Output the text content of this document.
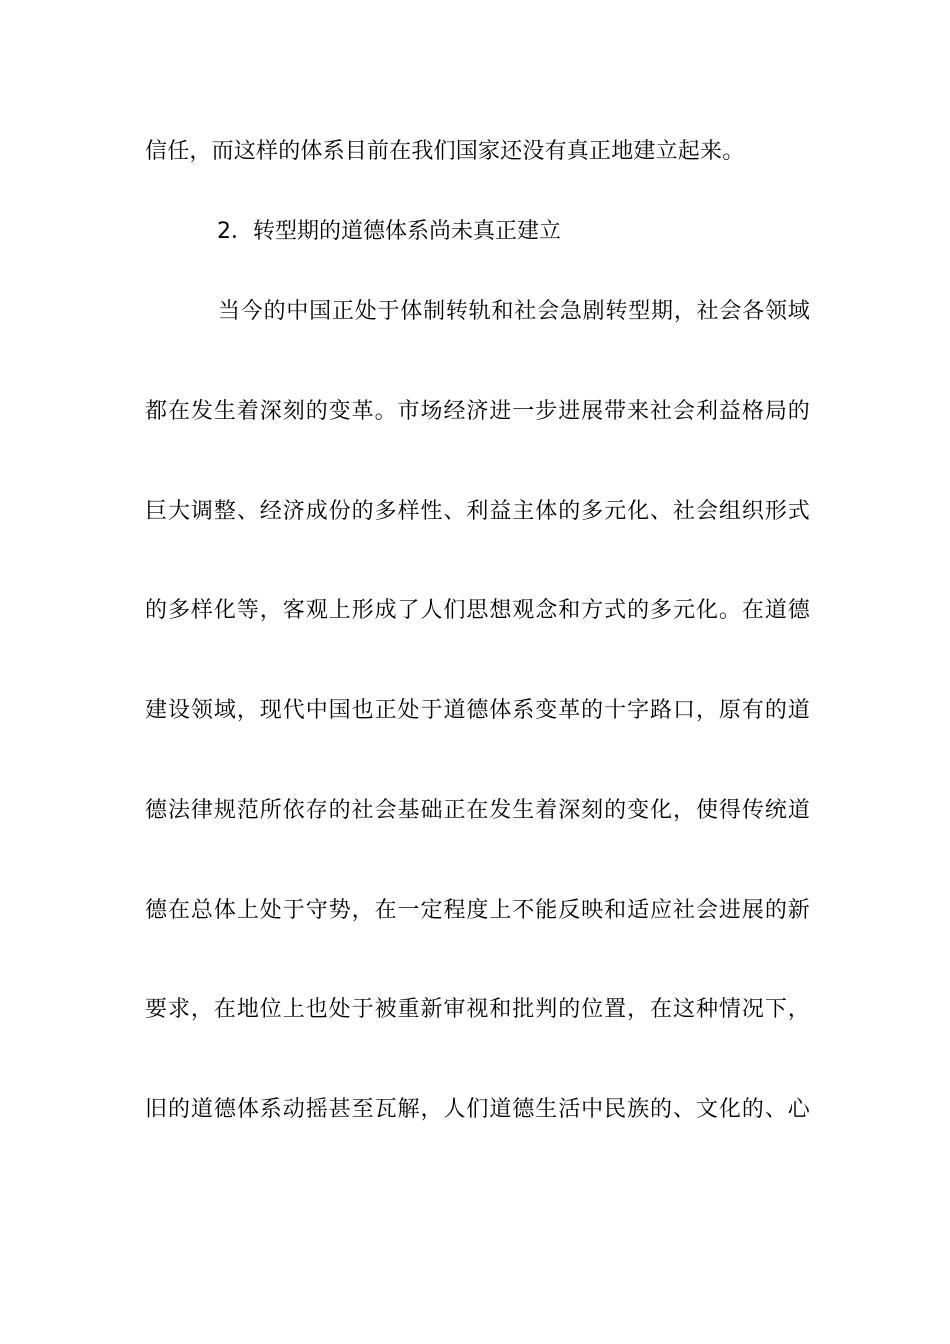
信任，而这样的体系目前在我们国家还没有真正地建立起来。
2．转型期的道德体系尚未真正建立
当今的中国正处于体制转轨和社会急剧转型期，社会各领域
都在发生着深刻的变革。市场经济进一步进展带来社会利益格局的
巨大调整、经济成份的多样性、利益主体的多元化、社会组织形式
的多样化等，客观上形成了人们思想观念和方式的多元化。在道德
建设领域，现代中国也正处于道德体系变革的十字路口，原有的道
德法律规范所依存的社会基础正在发生着深刻的变化，使得传统道
德在总体上处于守势，在一定程度上不能反映和适应社会进展的新
要求，在地位上也处于被重新审视和批判的位置，在这种情况下，
旧的道德体系动摇甚至瓦解，人们道德生活中民族的、文化的、心
